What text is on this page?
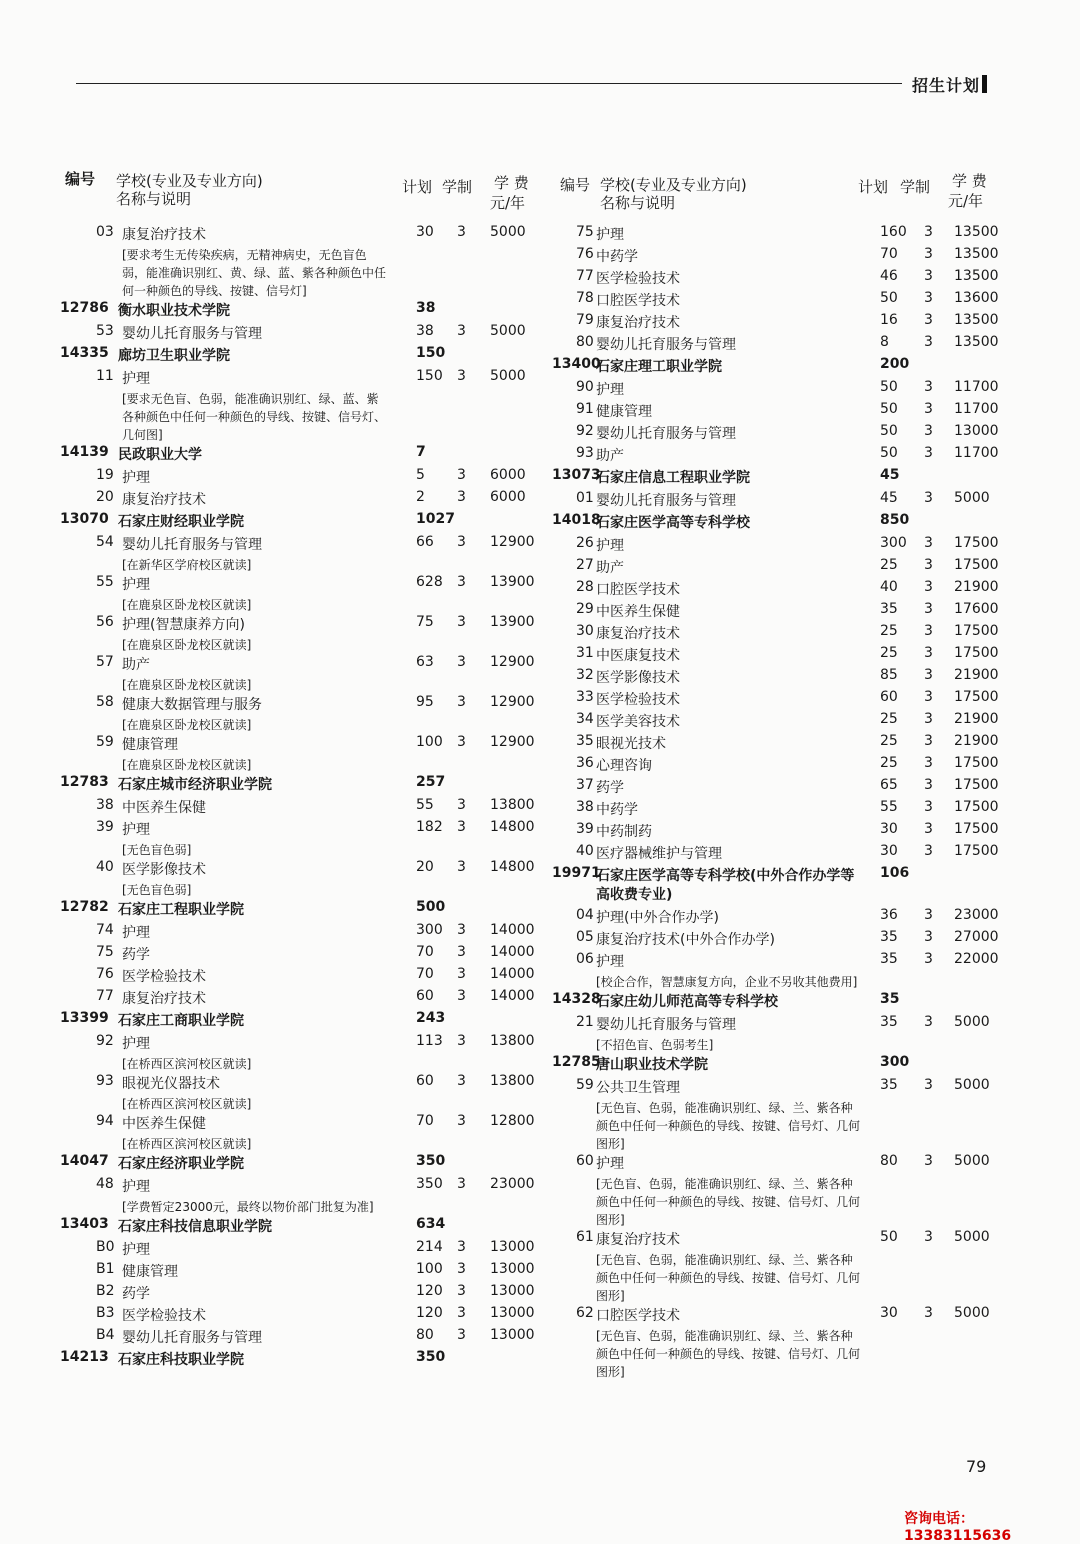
招生计划
编号 学校(专业及专业方向)
名称与说明
计划 学制 学 费
元/年
03 康复治疗技术	30 3 5000
[要求考生无传染疾病，无精神病史，无色盲色弱，能准确识别红、黄、绿、蓝、紫各种颜色中任何一种颜色的导线、按键、信号灯]
12786 衡水职业技术学院	38
53 婴幼儿托育服务与管理	38 3 5000
14335 廊坊卫生职业学院	150
11 护理	150 3 5000
[要求无色盲、色弱，能准确识别红、绿、蓝、紫各种颜色中任何一种颜色的导线、按键、信号灯、几何图]
14139 民政职业大学	7
19 护理	5 3 6000
20 康复治疗技术	2 3 6000
13070 石家庄财经职业学院	1027
54 婴幼儿托育服务与管理	66 3 12900
[在新华区学府校区就读]
55 护理	628 3 13900
[在鹿泉区卧龙校区就读]
56 护理(智慧康养方向)	75 3 13900
[在鹿泉区卧龙校区就读]
57 助产	63 3 12900
[在鹿泉区卧龙校区就读]
58 健康大数据管理与服务	95 3 12900
[在鹿泉区卧龙校区就读]
59 健康管理	100 3 12900
[在鹿泉区卧龙校区就读]
12783 石家庄城市经济职业学院	257
38 中医养生保健	55 3 13800
39 护理	182 3 14800
[无色盲色弱]
40 医学影像技术	20 3 14800
[无色盲色弱]
12782 石家庄工程职业学院	500
74 护理	300 3 14000
75 药学	70 3 14000
76 医学检验技术	70 3 14000
77 康复治疗技术	60 3 14000
13399 石家庄工商职业学院	243
92 护理	113 3 13800
[在桥西区滨河校区就读]
93 眼视光仪器技术	60 3 13800
[在桥西区滨河校区就读]
94 中医养生保健	70 3 12800
[在桥西区滨河校区就读]
14047 石家庄经济职业学院	350
48 护理	350 3 23000
[学费暂定23000元，最终以物价部门批复为准]
13403 石家庄科技信息职业学院	634
B0 护理	214 3 13000
B1 健康管理	100 3 13000
B2 药学	120 3 13000
B3 医学检验技术	120 3 13000
B4 婴幼儿托育服务与管理	80 3 13000
14213 石家庄科技职业学院	350
编号 学校(专业及专业方向)
名称与说明
计划 学制 学 费
元/年
75 护理	160 3 13500
76 中药学	70 3 13500
77 医学检验技术	46 3 13500
78 口腔医学技术	50 3 13600
79 康复治疗技术	16 3 13500
80 婴幼儿托育服务与管理	8	3 13500
13400
石家庄理工职业学院	200
90 护理	50 3 11700
91 健康管理	50 3 11700
92 婴幼儿托育服务与管理	50 3 13000
93 助产	50 3 11700
13073
石家庄信息工程职业学院	45
01 婴幼儿托育服务与管理	45 3 5000
14018
石家庄医学高等专科学校	850
26 护理	300 3 17500
27 助产	25 3 17500
28 口腔医学技术	40 3 21900
29 中医养生保健	35 3 17600
30 康复治疗技术	25 3 17500
31 中医康复技术	25 3 17500
32 医学影像技术	85 3 21900
33 医学检验技术	60 3 17500
34 医学美容技术	25 3 21900
35 眼视光技术	25 3 21900
36 心理咨询	25 3 17500
37 药学	65 3 17500
38 中药学	55 3 17500
39 中药制药	30 3 17500
40 医疗器械维护与管理	30 3 17500
19971
石家庄医学高等专科学校(中外合作办学等 106
高收费专业)
04 护理(中外合作办学)	36 3 23000
05 康复治疗技术(中外合作办学)	35 3 27000
06 护理	35 3 22000
[校企合作，智慧康复方向，企业不另收其他费用]
14328
石家庄幼儿师范高等专科学校	35
21 婴幼儿托育服务与管理	35 3 5000
[不招色盲、色弱考生]
12785
唐山职业技术学院	300
59 公共卫生管理	35 3 5000
[无色盲、色弱，能准确识别红、绿、兰、紫各种颜色中任何一种颜色的导线、按键、信号灯、几何图形]
60 护理	80 3 5000
[无色盲、色弱，能准确识别红、绿、兰、紫各种颜色中任何一种颜色的导线、按键、信号灯、几何图形]
61 康复治疗技术	50 3 5000
[无色盲、色弱，能准确识别红、绿、兰、紫各种颜色中任何一种颜色的导线、按键、信号灯、几何图形]
62 口腔医学技术	30 3 5000
[无色盲、色弱，能准确识别红、绿、兰、紫各种颜色中任何一种颜色的导线、按键、信号灯、几何图形]
79
咨询电话：13383115636
